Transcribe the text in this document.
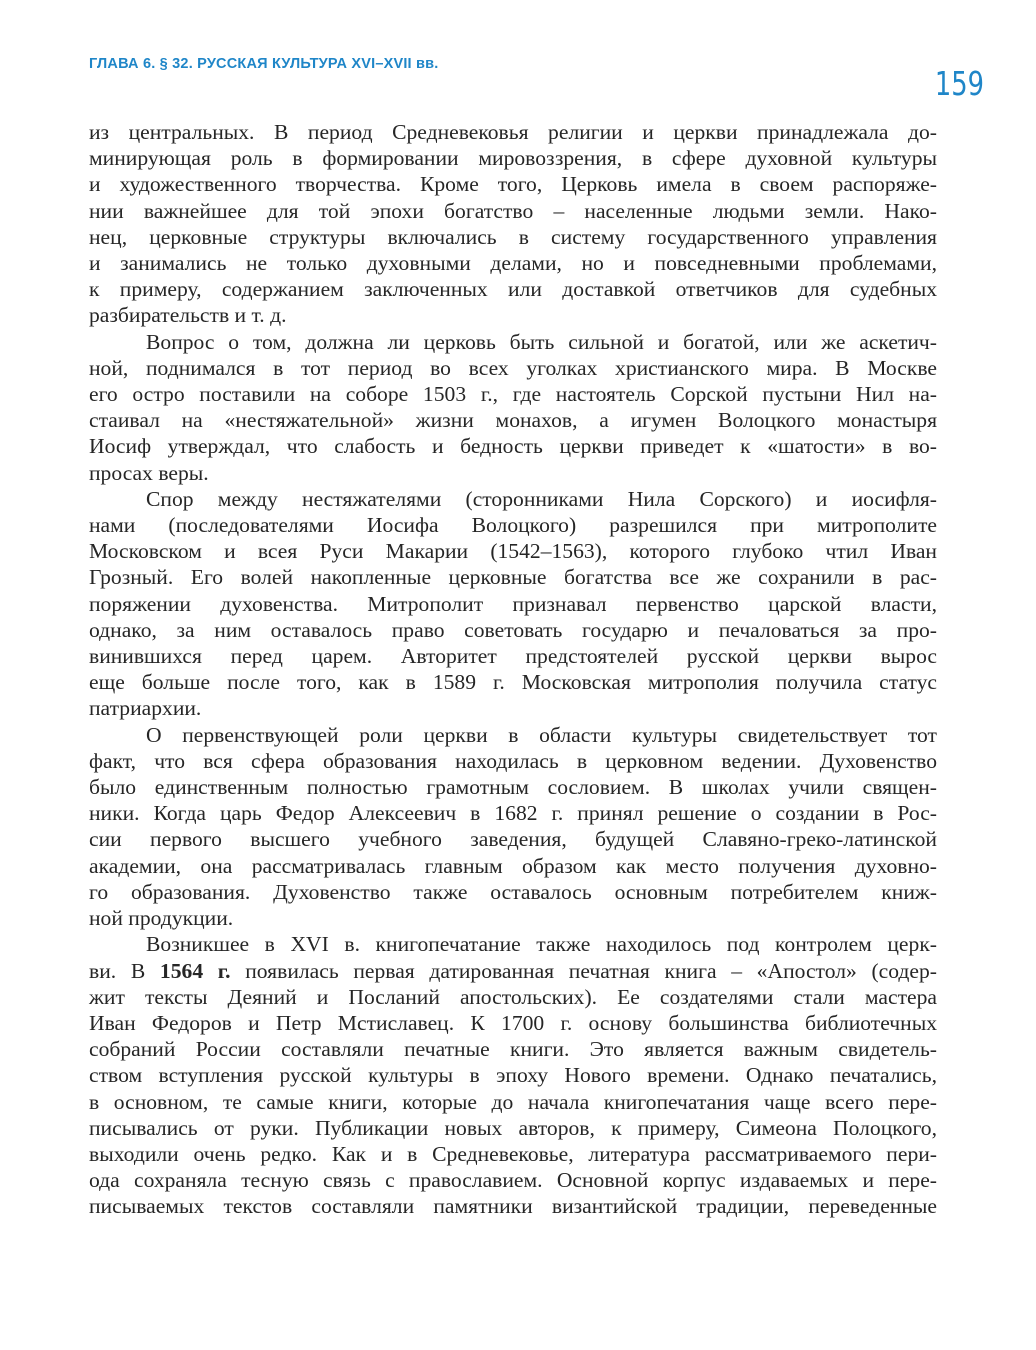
ГЛАВА 6. § 32. РУССКАЯ КУЛЬТУРА XVI–XVII вв.	159

из центральных. В период Средневековья религии и церкви принадлежала до-
минирующая роль в формировании мировоззрения, в сфере духовной культуры
и художественного творчества. Кроме того, Церковь имела в своем распоряже-
нии важнейшее для той эпохи богатство – населенные людьми земли. Нако-
нец, церковные структуры включались в систему государственного управления
и занимались не только духовными делами, но и повседневными проблемами,
к примеру, содержанием заключенных или доставкой ответчиков для судебных
разбирательств и т. д.

Вопрос о том, должна ли церковь быть сильной и богатой, или же аскетич-
ной, поднимался в тот период во всех уголках христианского мира. В Москве
его остро поставили на соборе 1503 г., где настоятель Сорской пустыни Нил на-
стаивал на «нестяжательной» жизни монахов, а игумен Волоцкого монастыря
Иосиф утверждал, что слабость и бедность церкви приведет к «шатости» в во-
просах веры.

Спор между нестяжателями (сторонниками Нила Сорского) и иосифля-
нами (последователями Иосифа Волоцкого) разрешился при митрополите
Московском и всея Руси Макарии (1542–1563), которого глубоко чтил Иван
Грозный. Его волей накопленные церковные богатства все же сохранили в рас-
поряжении духовенства. Митрополит признавал первенство царской власти,
однако, за ним оставалось право советовать государю и печаловаться за про-
винившихся перед царем. Авторитет предстоятелей русской церкви вырос
еще больше после того, как в 1589 г. Московская митрополия получила статус
патриархии.

О первенствующей роли церкви в области культуры свидетельствует тот
факт, что вся сфера образования находилась в церковном ведении. Духовенство
было единственным полностью грамотным сословием. В школах учили священ-
ники. Когда царь Федор Алексеевич в 1682 г. принял решение о создании в Рос-
сии первого высшего учебного заведения, будущей Славяно-греко-латинской
академии, она рассматривалась главным образом как место получения духовно-
го образования. Духовенство также оставалось основным потребителем книж-
ной продукции.

Возникшее в XVI в. книгопечатание также находилось под контролем церк-
ви. В 1564 г. появилась первая датированная печатная книга – «Апостол» (содер-
жит тексты Деяний и Посланий апостольских). Ее создателями стали мастера
Иван Федоров и Петр Мстиславец. К 1700 г. основу большинства библиотечных
собраний России составляли печатные книги. Это является важным свидетель-
ством вступления русской культуры в эпоху Нового времени. Однако печатались,
в основном, те самые книги, которые до начала книгопечатания чаще всего пере-
писывались от руки. Публикации новых авторов, к примеру, Симеона Полоцкого,
выходили очень редко. Как и в Средневековье, литература рассматриваемого пери-
ода сохраняла тесную связь с православием. Основной корпус издаваемых и пере-
писываемых текстов составляли памятники византийской традиции, переведенные
